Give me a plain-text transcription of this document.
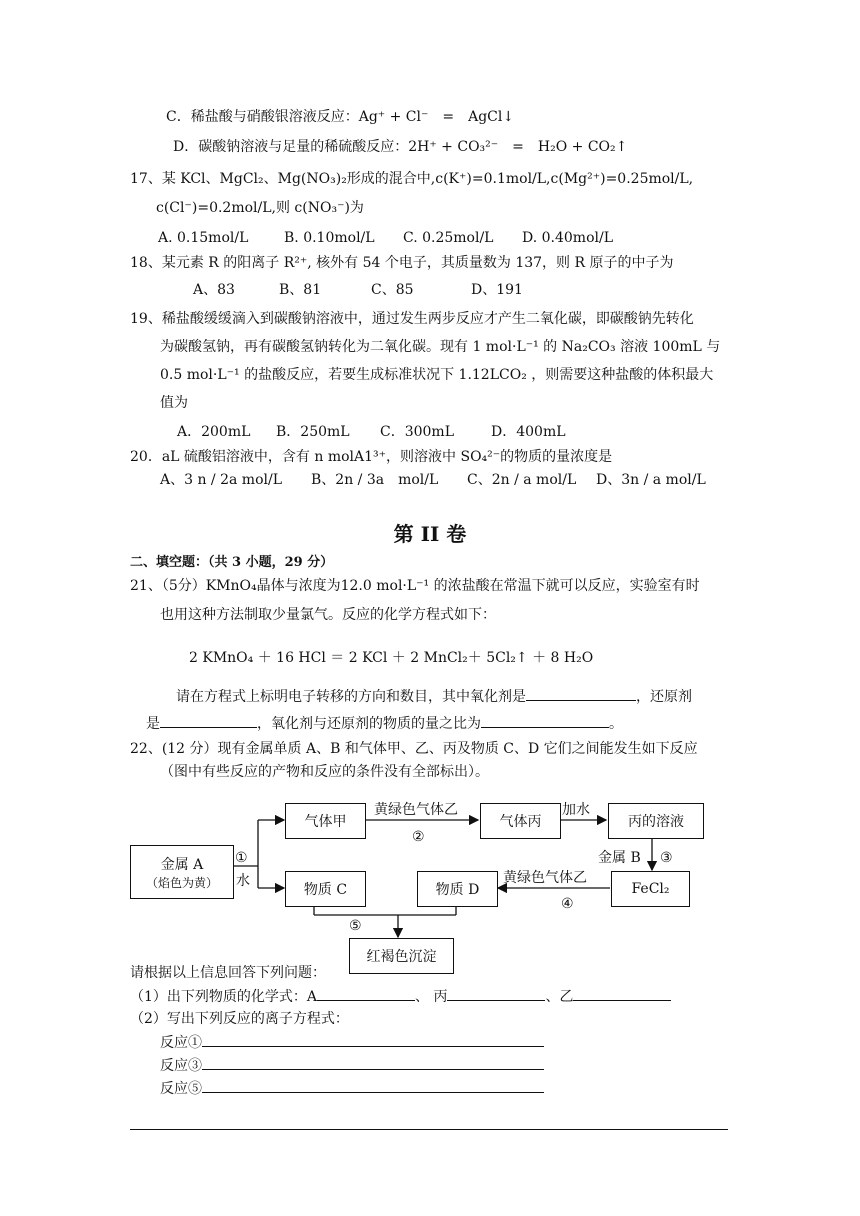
C．稀盐酸与硝酸银溶液反应：Ag⁺ + Cl⁻　=　AgCl↓
D．碳酸钠溶液与足量的稀硫酸反应：2H⁺ + CO₃²⁻　=　H₂O + CO₂↑
17、某 KCl、MgCl₂、Mg(NO₃)₂形成的混合中,c(K⁺)=0.1mol/L,c(Mg²⁺)=0.25mol/L,
c(Cl⁻)=0.2mol/L,则 c(NO₃⁻)为
A. 0.15mol/L	B. 0.10mol/L C. 0.25mol/L D. 0.40mol/L
18、某元素 R 的阳离子 R²⁺, 核外有 54 个电子，其质量数为 137，则 R 原子的中子为
A、83	B、81	C、85	D、191
19、稀盐酸缓缓滴入到碳酸钠溶液中，通过发生两步反应才产生二氧化碳，即碳酸钠先转化
为碳酸氢钠，再有碳酸氢钠转化为二氧化碳。现有 1 mol·L⁻¹ 的 Na₂CO₃ 溶液 100mL 与
0.5 mol·L⁻¹ 的盐酸反应，若要生成标准状况下 1.12LCO₂ ，则需要这种盐酸的体积最大
值为
A．200mL B．250mL C．300mL	D．400mL
20．aL 硫酸铝溶液中，含有 n molA1³⁺，则溶液中 SO₄²⁻的物质的量浓度是
A、3 n / 2a mol/L B、2n / 3a　mol/L C、2n / a mol/L D、3n / a mol/L
第 II 卷
二、填空题：（共 3 小题，29 分）
21、（5分）KMnO₄晶体与浓度为12.0 mol·L⁻¹ 的浓盐酸在常温下就可以反应，实验室有时
也用这种方法制取少量氯气。反应的化学方程式如下：
2 KMnO₄ ＋ 16 HCl ＝ 2 KCl ＋ 2 MnCl₂＋ 5Cl₂↑ ＋ 8 H₂O
请在方程式上标明电子转移的方向和数目，其中氧化剂是	，还原剂
是	，氧化剂与还原剂的物质的量之比为	。
22、(12 分）现有金属单质 A、B 和气体甲、乙、丙及物质 C、D 它们之间能发生如下反应
（图中有些反应的产物和反应的条件没有全部标出）。
金属 A
（焰色为黄）
气体甲	气体丙	丙的溶液
物质 C	物质 D	FeCl₂
红褐色沉淀
①
水
黄绿色气体乙
②
加水
金属 B ③
黄绿色气体乙
④
⑤
请根据以上信息回答下列问题：
（1）出下列物质的化学式：A	、 丙	、乙
（2）写出下列反应的离子方程式：
反应①
反应③
反应⑤
